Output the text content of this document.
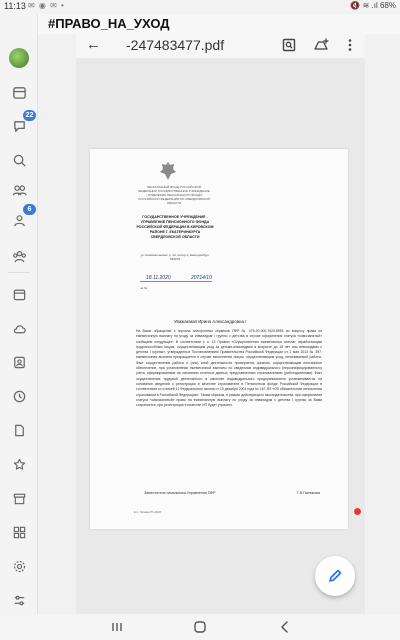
11:13 ✉ ◉ ✉ •	🔇 ≋ .ıl 68%
22
6
#ПРАВО_НА_УХОД
← -247483477.pdf
ПЕНСИОННЫЙ ФОНД РОССИЙСКОЙ ФЕДЕРАЦИИ ГОСУДАРСТВЕННОЕ УЧРЕЖДЕНИЕ - ОТДЕЛЕНИЕ ПЕНСИОННОГО ФОНДА РОССИЙСКОЙ ФЕДЕРАЦИИ ПО СВЕРДЛОВСКОЙ ОБЛАСТИ
ГОСУДАРСТВЕННОЕ УЧРЕЖДЕНИЕ - УПРАВЛЕНИЕ ПЕНСИОННОГО ФОНДА РОССИЙСКОЙ ФЕДЕРАЦИИ В КИРОВСКОМ РАЙОНЕ Г. ЕКАТЕРИНБУРГА СВЕРДЛОВСКОЙ ОБЛАСТИ
ул. Комсомольская, д. 12, литер А, Екатеринбург, 620078
18.11.2020	20714/10
на №
Уважаемая Ирина Александровна !
На Ваше обращение с портала электронных сервисов ПФР № 075-20-000-7620-8994 по вопросу права на ежемесячную выплату по уходу за инвалидом I группы с детства в случае оформления статуса «самозанятый» сообщаем следующее: В соответствии с п. 12 Правил «Осуществления ежемесячных выплат неработающим трудоспособным лицам, осуществляющим уход за детьми-инвалидами в возрасте до 18 лет или инвалидами с детства I группы», утвержденных Постановлением Правительства Российской Федерации от 2 мая 2013 № 397, ежемесячная выплата прекращается в случае выполнения лицом, осуществляющим уход, оплачиваемой работы. Факт осуществления работы и (или) иной деятельности проверяется органом, осуществляющим пенсионное обеспечение, при установлении ежемесячной выплаты по сведениям индивидуального (персонифицированного) учета, сформированным на основании отчетных данных, представленных страхователями (работодателями). Факт осуществления трудовой деятельности в качестве индивидуального предпринимателя устанавливается на основании сведений о регистрации в качестве страхователя в Пенсионном фонде Российской Федерации в соответствии со статьей 11 Федерального закона от 15 декабря 2001 года № 167-ФЗ «Об обязательном пенсионном страховании в Российской Федерации». Таким образом, в рамках действующего законодательства, при оформлении статуса «самозанятый» право на ежемесячную выплату по уходу за инвалидом с детства I группы за Вами сохраняется, при регистрации в качестве ИП будет утрачено.
Заместитель начальника Управления ПФР	Т.В.Гасникова
Е.С. Попова 270-18-87
